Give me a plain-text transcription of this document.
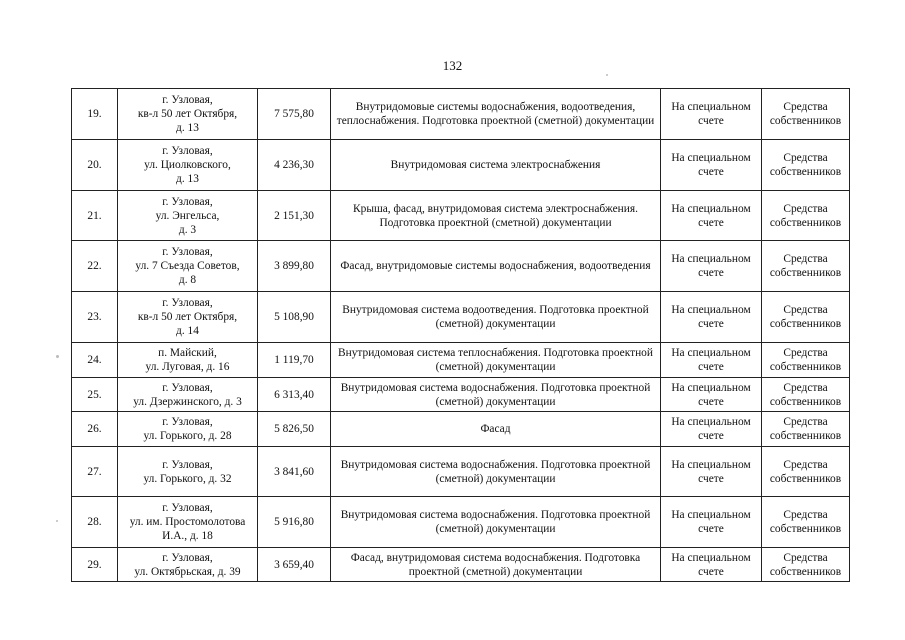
132
19.	г. Узловая,
кв-л 50 лет Октября,
д. 13	7 575,80	Внутридомовые системы водоснабжения, водоотведения, теплоснабжения. Подготовка проектной (сметной) документации	На специальном счете	Средства собственников
20.	г. Узловая,
ул. Циолковского,
д. 13	4 236,30	Внутридомовая система электроснабжения	На специальном счете	Средства собственников
21.	г. Узловая,
ул. Энгельса,
д. 3	2 151,30	Крыша, фасад, внутридомовая система электроснабжения. Подготовка проектной (сметной) документации	На специальном счете	Средства собственников
22.	г. Узловая,
ул. 7 Съезда Советов,
д. 8	3 899,80	Фасад, внутридомовые системы водоснабжения, водоотведения	На специальном счете	Средства собственников
23.	г. Узловая,
кв-л 50 лет Октября,
д. 14	5 108,90	Внутридомовая система водоотведения. Подготовка проектной (сметной) документации	На специальном счете	Средства собственников
24.	п. Майский,
ул. Луговая, д. 16	1 119,70	Внутридомовая система теплоснабжения. Подготовка проектной (сметной) документации	На специальном счете	Средства собственников
25.	г. Узловая,
ул. Дзержинского, д. 3	6 313,40	Внутридомовая система водоснабжения. Подготовка проектной (сметной) документации	На специальном счете	Средства собственников
26.	г. Узловая,
ул. Горького, д. 28	5 826,50	Фасад	На специальном счете	Средства собственников
27.	г. Узловая,
ул. Горького, д. 32	3 841,60	Внутридомовая система водоснабжения. Подготовка проектной (сметной) документации	На специальном счете	Средства собственников
28.	г. Узловая,
ул. им. Простомолотова
И.А., д. 18	5 916,80	Внутридомовая система водоснабжения. Подготовка проектной (сметной) документации	На специальном счете	Средства собственников
29.	г. Узловая,
ул. Октябрьская, д. 39	3 659,40	Фасад, внутридомовая система водоснабжения. Подготовка проектной (сметной) документации	На специальном счете	Средства собственников
